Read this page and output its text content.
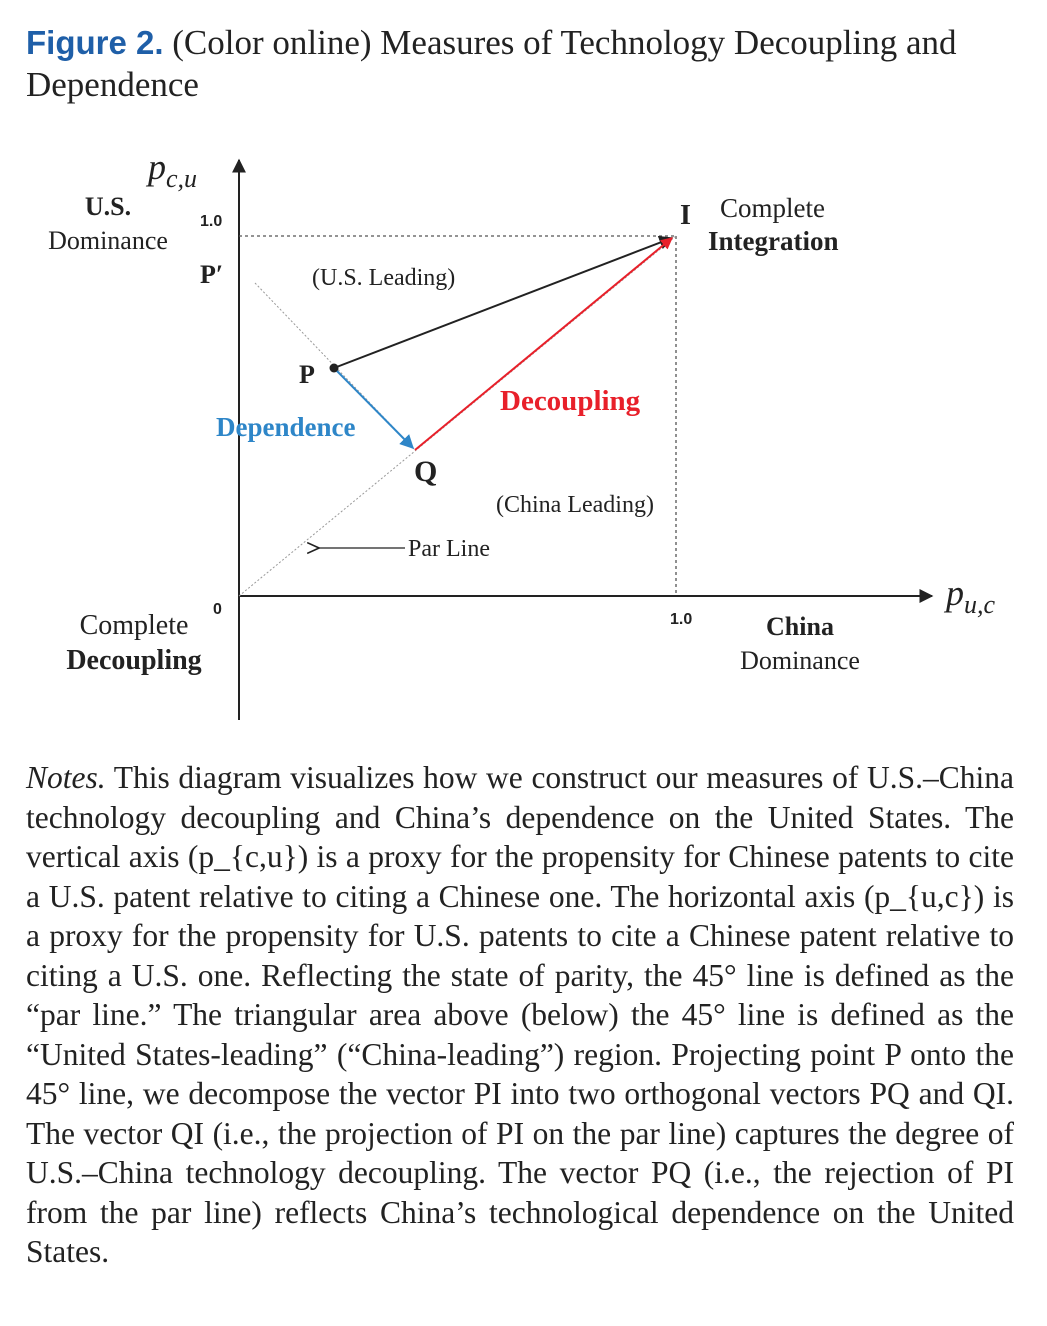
Figure 2. (Color online) Measures of Technology Decoupling and Dependence
$p_{c,u}$
$p_{u,c}$
U.S.
Dominance
China
Dominance
Complete
Decoupling
1.0
1.0
0
P′
P
Q
I Complete
Integration
(U.S. Leading)
(China Leading)
Par Line
Decoupling
Dependence

Notes. This diagram visualizes how we construct our measures of U.S.–China technology decoupling and China’s dependence on the United States. The vertical axis (p_{c,u}) is a proxy for the propensity for Chinese patents to cite a U.S. patent relative to citing a Chinese one. The horizontal axis (p_{u,c}) is a proxy for the propensity for U.S. patents to cite a Chinese patent relative to citing a U.S. one. Reflecting the state of parity, the 45° line is defined as the “par line.” The triangular area above (below) the 45° line is defined as the “United States-leading” (“China-leading”) region. Projecting point P onto the 45° line, we decompose the vector PI into two orthogonal vectors PQ and QI. The vector QI (i.e., the projection of PI on the par line) captures the degree of U.S.–China technology decoupling. The vector PQ (i.e., the rejection of PI from the par line) reflects China’s technological dependence on the United States.
